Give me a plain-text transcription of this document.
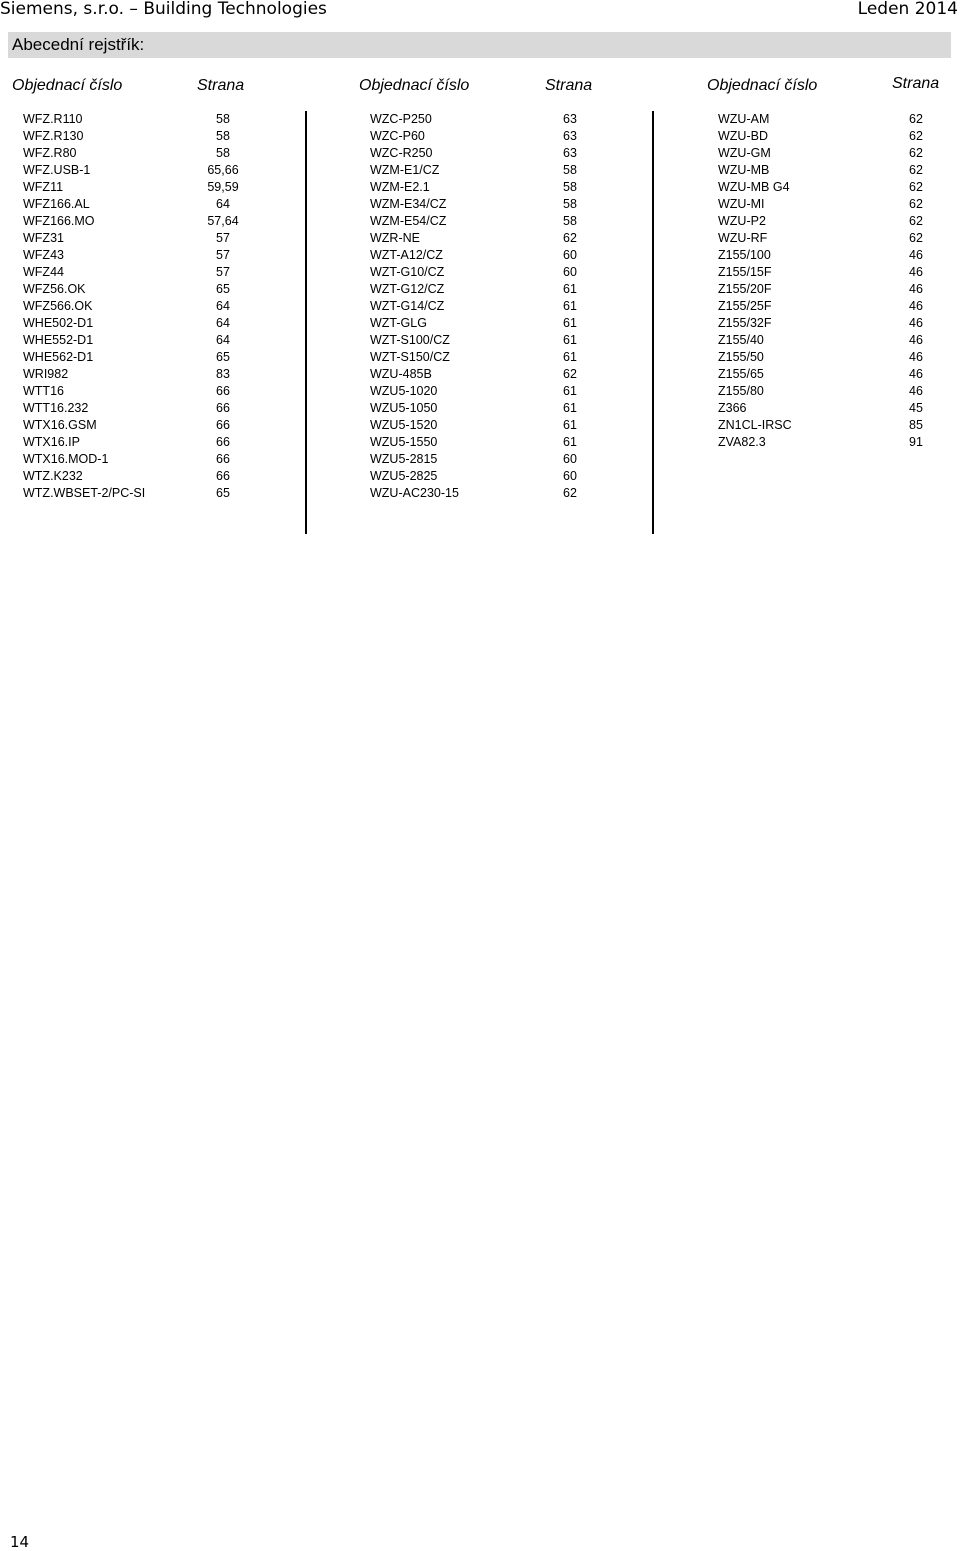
Siemens, s.r.o. – Building Technologies	Leden 2014
Abecední rejstřík:
Objednací číslo	Strana	Objednací číslo	Strana	Objednací číslo	Strana
WFZ.R110	58
WFZ.R130	58
WFZ.R80	58
WFZ.USB-1	65,66
WFZ11	59,59
WFZ166.AL	64
WFZ166.MO	57,64
WFZ31	57
WFZ43	57
WFZ44	57
WFZ56.OK	65
WFZ566.OK	64
WHE502-D1	64
WHE552-D1	64
WHE562-D1	65
WRI982	83
WTT16	66
WTT16.232	66
WTX16.GSM	66
WTX16.IP	66
WTX16.MOD-1	66
WTZ.K232	66
WTZ.WBSET-2/PC-SI	65
WZC-P250	63
WZC-P60	63
WZC-R250	63
WZM-E1/CZ	58
WZM-E2.1	58
WZM-E34/CZ	58
WZM-E54/CZ	58
WZR-NE	62
WZT-A12/CZ	60
WZT-G10/CZ	60
WZT-G12/CZ	61
WZT-G14/CZ	61
WZT-GLG	61
WZT-S100/CZ	61
WZT-S150/CZ	61
WZU-485B	62
WZU5-1020	61
WZU5-1050	61
WZU5-1520	61
WZU5-1550	61
WZU5-2815	60
WZU5-2825	60
WZU-AC230-15	62
WZU-AM	62
WZU-BD	62
WZU-GM	62
WZU-MB	62
WZU-MB G4	62
WZU-MI	62
WZU-P2	62
WZU-RF	62
Z155/100	46
Z155/15F	46
Z155/20F	46
Z155/25F	46
Z155/32F	46
Z155/40	46
Z155/50	46
Z155/65	46
Z155/80	46
Z366	45
ZN1CL-IRSC	85
ZVA82.3	91
14
